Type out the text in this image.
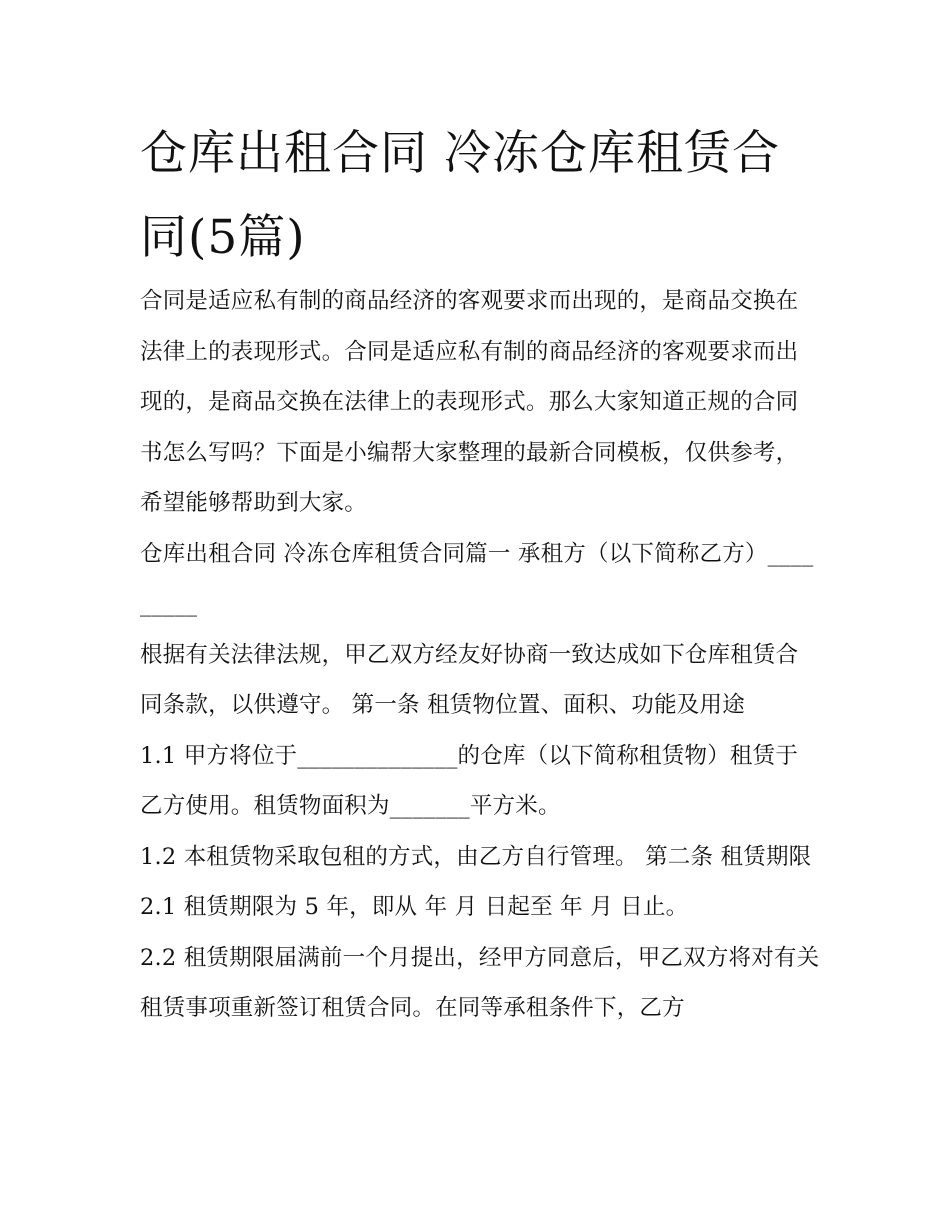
仓库出租合同 冷冻仓库租赁合同(5篇)

合同是适应私有制的商品经济的客观要求而出现的，是商品交换在法律上的表现形式。合同是适应私有制的商品经济的客观要求而出现的，是商品交换在法律上的表现形式。那么大家知道正规的合同书怎么写吗？下面是小编帮大家整理的最新合同模板，仅供参考，希望能够帮助到大家。

仓库出租合同 冷冻仓库租赁合同篇一 承租方（以下简称乙方）_________

根据有关法律法规，甲乙双方经友好协商一致达成如下仓库租赁合同条款，以供遵守。 第一条 租赁物位置、面积、功能及用途

1.1 甲方将位于______________的仓库（以下简称租赁物）租赁于乙方使用。租赁物面积为_______平方米。

1.2 本租赁物采取包租的方式，由乙方自行管理。 第二条 租赁期限 2.1 租赁期限为 5 年，即从 年 月 日起至 年 月 日止。

2.2 租赁期限届满前一个月提出，经甲方同意后，甲乙双方将对有关租赁事项重新签订租赁合同。在同等承租条件下，乙方
